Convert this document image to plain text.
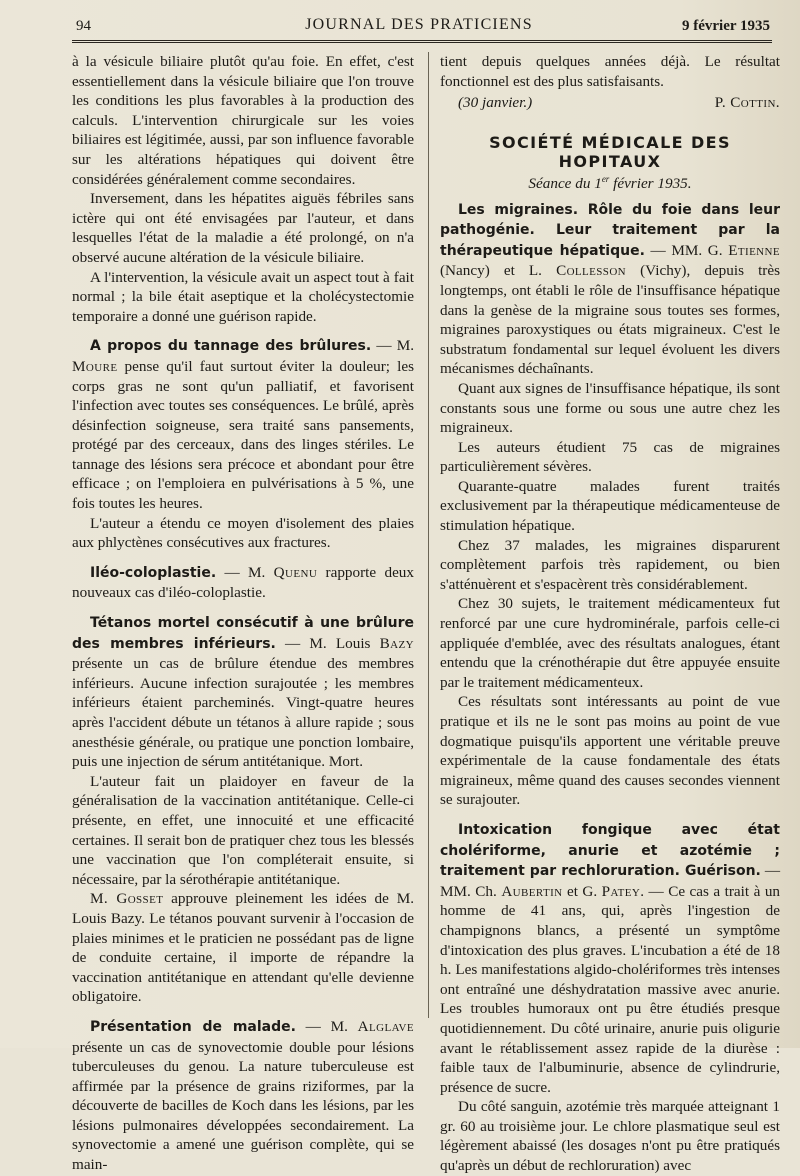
94	JOURNAL DES PRATICIENS	9 février 1935

à la vésicule biliaire plutôt qu'au foie. En effet, c'est essentiellement dans la vésicule biliaire que l'on trouve les conditions les plus favorables à la production des calculs. L'intervention chirurgicale sur les voies biliaires est légitimée, aussi, par son influence favorable sur les altérations hépatiques qui doivent être considérées généralement comme secondaires.

Inversement, dans les hépatites aiguës fébriles sans ictère qui ont été envisagées par l'auteur, et dans lesquelles l'état de la maladie a été prolongé, on n'a observé aucune altération de la vésicule biliaire.

A l'intervention, la vésicule avait un aspect tout à fait normal ; la bile était aseptique et la cholécystectomie temporaire a donné une guérison rapide.

A propos du tannage des brûlures. — M. Moure pense qu'il faut surtout éviter la douleur; les corps gras ne sont qu'un palliatif, et favorisent l'infection avec toutes ses conséquences. Le brûlé, après désinfection soigneuse, sera traité sans pansements, protégé par des cerceaux, dans des linges stériles. Le tannage des lésions sera précoce et abondant pour être efficace ; on l'emploiera en pulvérisations à 5 %, une fois toutes les heures.

L'auteur a étendu ce moyen d'isolement des plaies aux phlyctènes consécutives aux fractures.

Iléo-coloplastie. — M. Quenu rapporte deux nouveaux cas d'iléo-coloplastie.

Tétanos mortel consécutif à une brûlure des membres inférieurs. — M. Louis Bazy présente un cas de brûlure étendue des membres inférieurs. Aucune infection surajoutée ; les membres inférieurs étaient parcheminés. Vingt-quatre heures après l'accident débute un tétanos à allure rapide ; sous anesthésie générale, ou pratique une ponction lombaire, puis une injection de sérum antitétanique. Mort.

L'auteur fait un plaidoyer en faveur de la généralisation de la vaccination antitétanique. Celle-ci présente, en effet, une innocuité et une efficacité certaines. Il serait bon de pratiquer chez tous les blessés une vaccination que l'on compléterait ensuite, si nécessaire, par la sérothérapie antitétanique.

M. Gosset approuve pleinement les idées de M. Louis Bazy. Le tétanos pouvant survenir à l'occasion de plaies minimes et le praticien ne possédant pas de ligne de conduite certaine, il importe de répandre la vaccination antitétanique en attendant qu'elle devienne obligatoire.

Présentation de malade. — M. Alglave présente un cas de synovectomie double pour lésions tuberculeuses du genou. La nature tuberculeuse est affirmée par la présence de grains riziformes, par la découverte de bacilles de Koch dans les lésions, par les lésions pulmonaires développées secondairement. La synovectomie a amené une guérison complète, qui se main-

tient depuis quelques années déjà. Le résultat fonctionnel est des plus satisfaisants.

(30 janvier.)	P. Cottin.
SOCIÉTÉ MÉDICALE DES HOPITAUX
Séance du 1er février 1935.

Les migraines. Rôle du foie dans leur pathogénie. Leur traitement par la thérapeutique hépatique. — MM. G. Etienne (Nancy) et L. Collesson (Vichy), depuis très longtemps, ont établi le rôle de l'insuffisance hépatique dans la genèse de la migraine sous toutes ses formes, migraines paroxystiques ou états migraineux. C'est le substratum fondamental sur lequel évoluent les divers mécanismes déchaînants.

Quant aux signes de l'insuffisance hépatique, ils sont constants sous une forme ou sous une autre chez les migraineux.

Les auteurs étudient 75 cas de migraines particulièrement sévères.

Quarante-quatre malades furent traités exclusivement par la thérapeutique médicamenteuse de stimulation hépatique.

Chez 37 malades, les migraines disparurent complètement parfois très rapidement, ou bien s'atténuèrent et s'espacèrent très considérablement.

Chez 30 sujets, le traitement médicamenteux fut renforcé par une cure hydrominérale, parfois celle-ci appliquée d'emblée, avec des résultats analogues, étant entendu que la crénothérapie dut être appuyée ensuite par le traitement médicamenteux.

Ces résultats sont intéressants au point de vue pratique et ils ne le sont pas moins au point de vue dogmatique puisqu'ils apportent une véritable preuve expérimentale de la cause fondamentale des états migraineux, même quand des causes secondes viennent se surajouter.

Intoxication fongique avec état cholériforme, anurie et azotémie ; traitement par rechloruration. Guérison. — MM. Ch. Aubertin et G. Patey. — Ce cas a trait à un homme de 41 ans, qui, après l'ingestion de champignons blancs, a présenté un symptôme d'intoxication des plus graves. L'incubation a été de 18 h. Les manifestations algido-cholériformes très intenses ont entraîné une déshydratation massive avec anurie. Les troubles humoraux ont pu être étudiés presque quotidiennement. Du côté urinaire, anurie puis oligurie avant le rétablissement assez rapide de la diurèse : faible taux de l'albuminurie, absence de cylindrurie, présence de sucre.

Du côté sanguin, azotémie très marquée atteignant 1 gr. 60 au troisième jour. Le chlore plasmatique seul est légèrement abaissé (les dosages n'ont pu être pratiqués qu'après un début de rechloruration) avec
